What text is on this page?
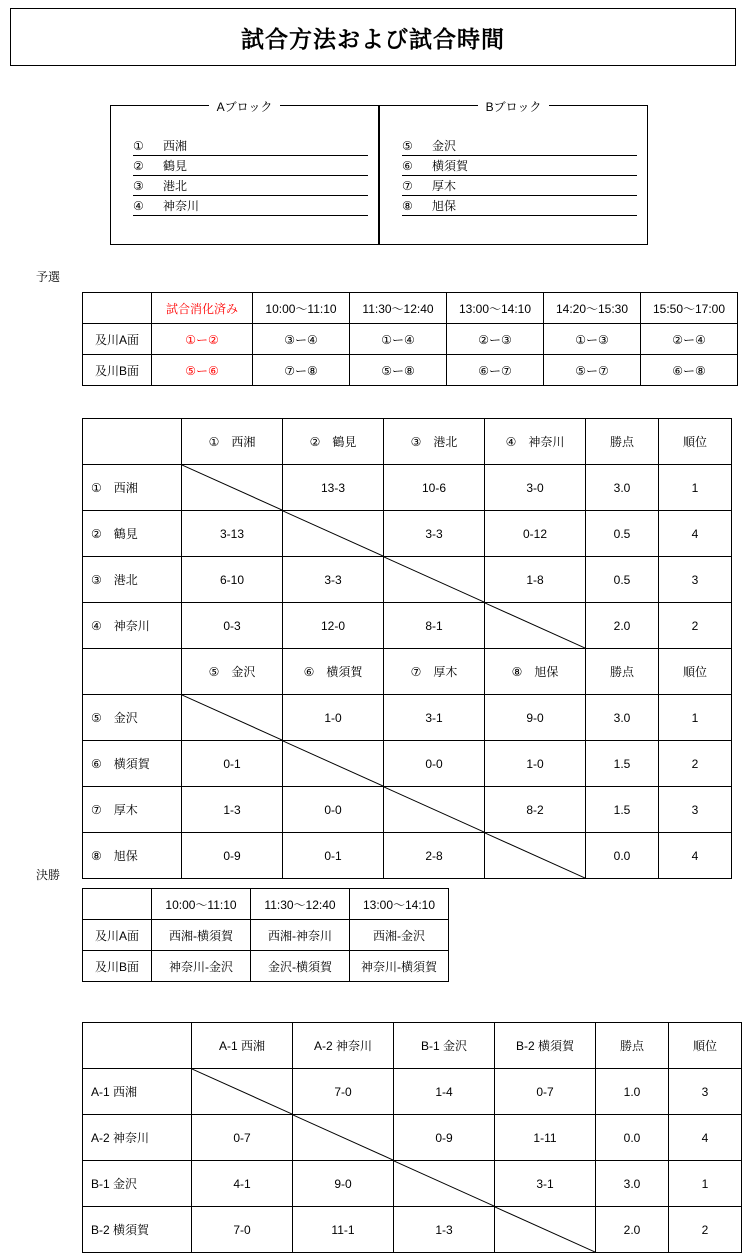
試合方法および試合時間
Aブロック
①	西湘
②	鶴見
③	港北
④	神奈川
Bブロック
⑤	金沢
⑥	横須賀
⑦	厚木
⑧	旭保
予選
	試合消化済み	10:00～11:10	11:30～12:40	13:00～14:10	14:20～15:30	15:50～17:00
及川A面	①ー②	③ー④	①ー④	②ー③	①ー③	②ー④
及川B面	⑤ー⑥	⑦ー⑧	⑤ー⑧	⑥ー⑦	⑤ー⑦	⑥ー⑧
	①　西湘	②　鶴見	③　港北	④　神奈川	勝点	順位
①　西湘		13-3	10-6	3-0	3.0	1
②　鶴見	3-13		3-3	0-12	0.5	4
③　港北	6-10	3-3		1-8	0.5	3
④　神奈川	0-3	12-0	8-1		2.0	2
	⑤　金沢	⑥　横須賀	⑦　厚木	⑧　旭保	勝点	順位
⑤　金沢		1-0	3-1	9-0	3.0	1
⑥　横須賀	0-1		0-0	1-0	1.5	2
⑦　厚木	1-3	0-0		8-2	1.5	3
⑧　旭保	0-9	0-1	2-8		0.0	4
決勝
	10:00～11:10	11:30～12:40	13:00～14:10
及川A面	西湘-横須賀	西湘-神奈川	西湘-金沢
及川B面	神奈川-金沢	金沢-横須賀	神奈川-横須賀
	A-1 西湘	A-2 神奈川	B-1 金沢	B-2 横須賀	勝点	順位
A-1 西湘		7-0	1-4	0-7	1.0	3
A-2 神奈川	0-7		0-9	1-11	0.0	4
B-1 金沢	4-1	9-0		3-1	3.0	1
B-2 横須賀	7-0	11-1	1-3		2.0	2
